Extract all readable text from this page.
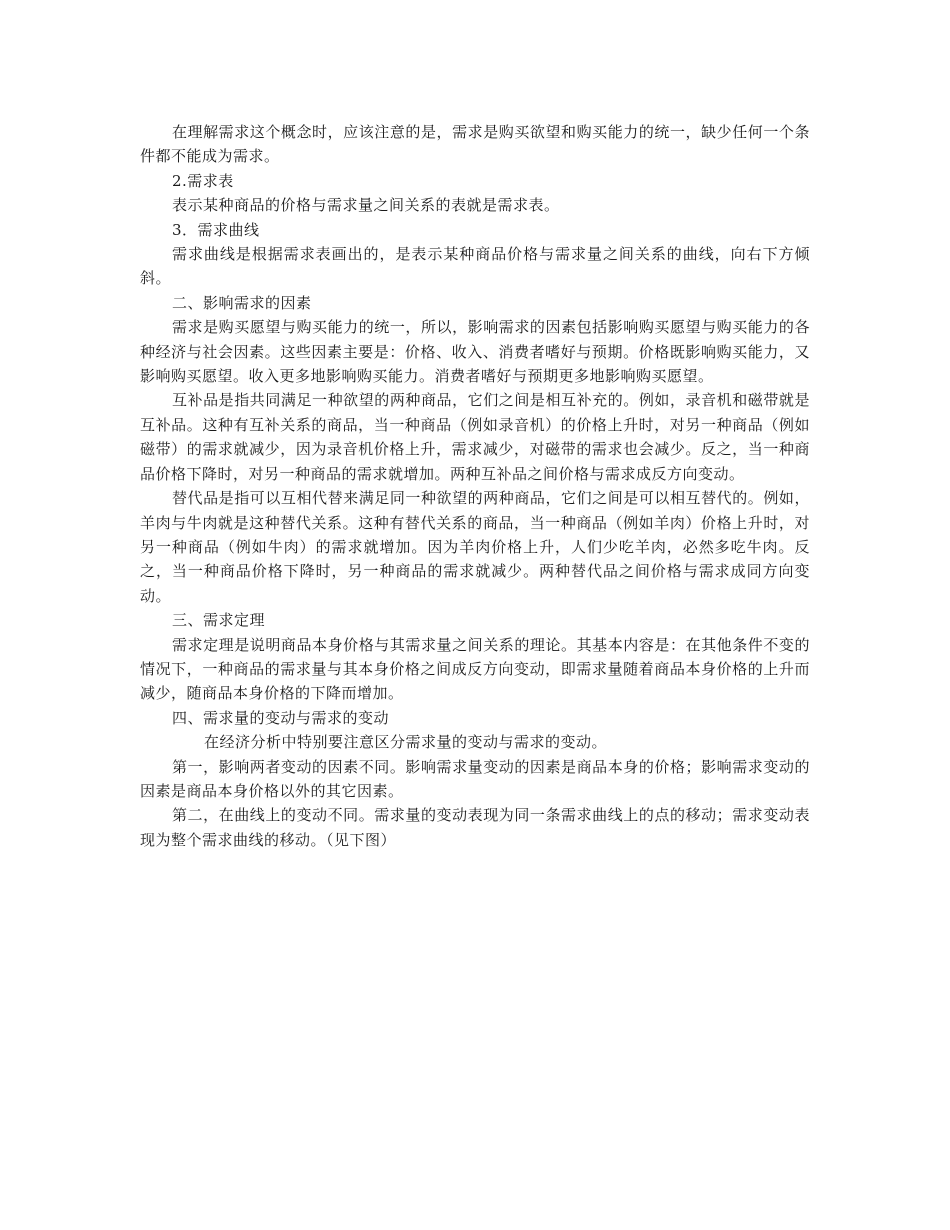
在理解需求这个概念时，应该注意的是，需求是购买欲望和购买能力的统一，缺少任何一个条件都不能成为需求。

2.需求表

表示某种商品的价格与需求量之间关系的表就是需求表。

3．需求曲线

需求曲线是根据需求表画出的，是表示某种商品价格与需求量之间关系的曲线，向右下方倾斜。

二、影响需求的因素

需求是购买愿望与购买能力的统一，所以，影响需求的因素包括影响购买愿望与购买能力的各种经济与社会因素。这些因素主要是：价格、收入、消费者嗜好与预期。价格既影响购买能力，又影响购买愿望。收入更多地影响购买能力。消费者嗜好与预期更多地影响购买愿望。

互补品是指共同满足一种欲望的两种商品，它们之间是相互补充的。例如，录音机和磁带就是互补品。这种有互补关系的商品，当一种商品（例如录音机）的价格上升时，对另一种商品（例如磁带）的需求就减少，因为录音机价格上升，需求减少，对磁带的需求也会减少。反之，当一种商品价格下降时，对另一种商品的需求就增加。两种互补品之间价格与需求成反方向变动。

替代品是指可以互相代替来满足同一种欲望的两种商品，它们之间是可以相互替代的。例如，羊肉与牛肉就是这种替代关系。这种有替代关系的商品，当一种商品（例如羊肉）价格上升时，对另一种商品（例如牛肉）的需求就增加。因为羊肉价格上升，人们少吃羊肉，必然多吃牛肉。反之，当一种商品价格下降时，另一种商品的需求就减少。两种替代品之间价格与需求成同方向变动。

三、需求定理

需求定理是说明商品本身价格与其需求量之间关系的理论。其基本内容是：在其他条件不变的情况下，一种商品的需求量与其本身价格之间成反方向变动，即需求量随着商品本身价格的上升而减少，随商品本身价格的下降而增加。

四、需求量的变动与需求的变动

在经济分析中特别要注意区分需求量的变动与需求的变动。

第一，影响两者变动的因素不同。影响需求量变动的因素是商品本身的价格；影响需求变动的因素是商品本身价格以外的其它因素。

第二，在曲线上的变动不同。需求量的变动表现为同一条需求曲线上的点的移动；需求变动表现为整个需求曲线的移动。（见下图）
